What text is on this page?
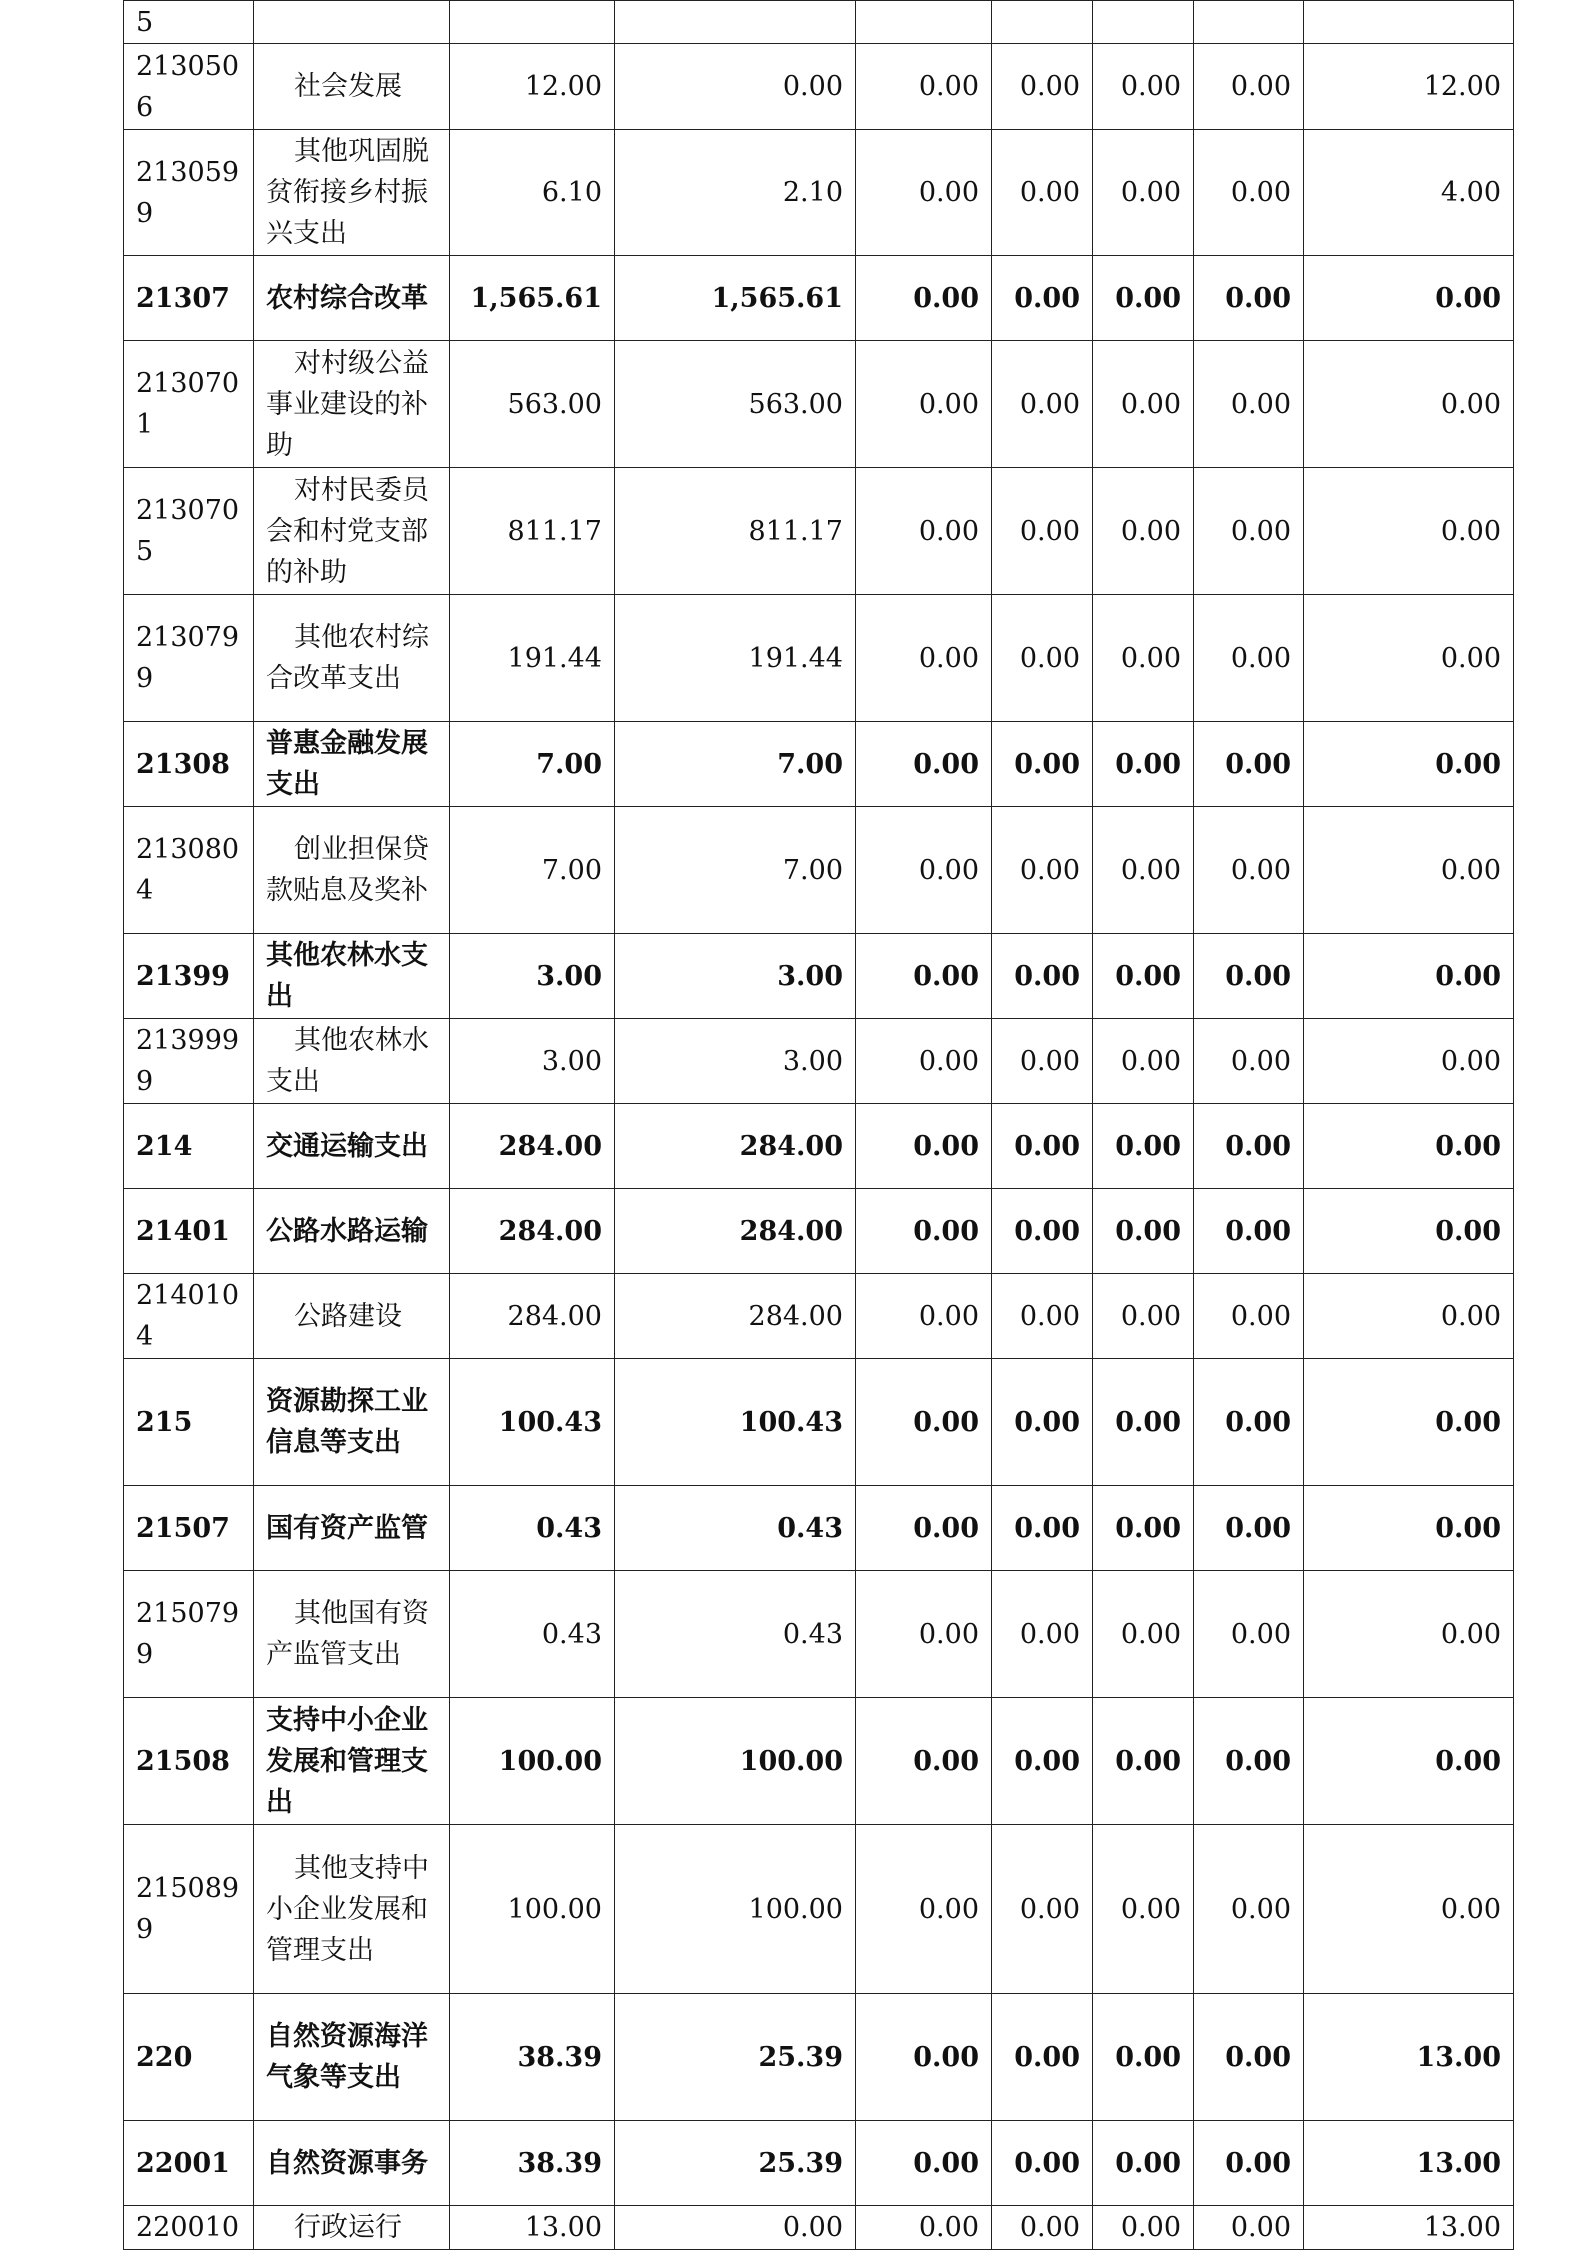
5								
2130506	社会发展	12.00	0.00	0.00	0.00	0.00	0.00	12.00
2130599	其他巩固脱贫衔接乡村振兴支出	6.10	2.10	0.00	0.00	0.00	0.00	4.00
21307	农村综合改革	1,565.61	1,565.61	0.00	0.00	0.00	0.00	0.00
2130701	对村级公益事业建设的补助	563.00	563.00	0.00	0.00	0.00	0.00	0.00
2130705	对村民委员会和村党支部的补助	811.17	811.17	0.00	0.00	0.00	0.00	0.00
2130799	其他农村综合改革支出	191.44	191.44	0.00	0.00	0.00	0.00	0.00
21308	普惠金融发展支出	7.00	7.00	0.00	0.00	0.00	0.00	0.00
2130804	创业担保贷款贴息及奖补	7.00	7.00	0.00	0.00	0.00	0.00	0.00
21399	其他农林水支出	3.00	3.00	0.00	0.00	0.00	0.00	0.00
2139999	其他农林水支出	3.00	3.00	0.00	0.00	0.00	0.00	0.00
214	交通运输支出	284.00	284.00	0.00	0.00	0.00	0.00	0.00
21401	公路水路运输	284.00	284.00	0.00	0.00	0.00	0.00	0.00
2140104	公路建设	284.00	284.00	0.00	0.00	0.00	0.00	0.00
215	资源勘探工业信息等支出	100.43	100.43	0.00	0.00	0.00	0.00	0.00
21507	国有资产监管	0.43	0.43	0.00	0.00	0.00	0.00	0.00
2150799	其他国有资产监管支出	0.43	0.43	0.00	0.00	0.00	0.00	0.00
21508	支持中小企业发展和管理支出	100.00	100.00	0.00	0.00	0.00	0.00	0.00
2150899	其他支持中小企业发展和管理支出	100.00	100.00	0.00	0.00	0.00	0.00	0.00
220	自然资源海洋气象等支出	38.39	25.39	0.00	0.00	0.00	0.00	13.00
22001	自然资源事务	38.39	25.39	0.00	0.00	0.00	0.00	13.00
220010	行政运行	13.00	0.00	0.00	0.00	0.00	0.00	13.00
